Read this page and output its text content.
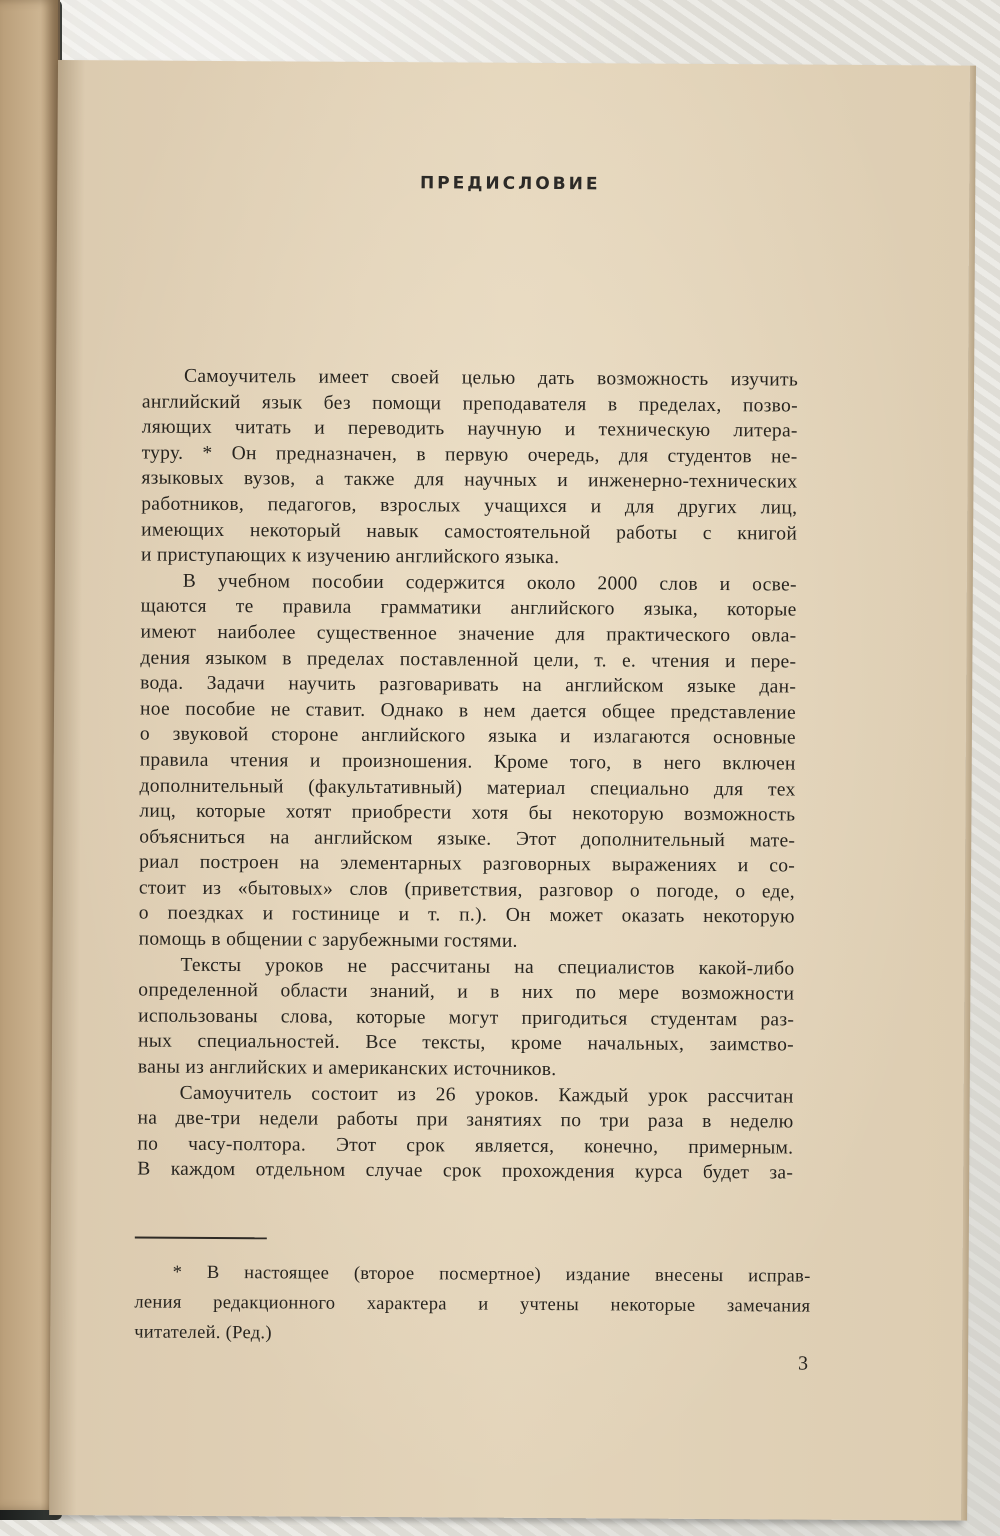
ПРЕДИСЛОВИЕ

Самоучитель имеет своей целью дать возможность изучить
английский язык без помощи преподавателя в пределах, позво-
ляющих читать и переводить научную и техническую литера-
туру. * Он предназначен, в первую очередь, для студентов не-
языковых вузов, а также для научных и инженерно-технических
работников, педагогов, взрослых учащихся и для других лиц,
имеющих некоторый навык самостоятельной работы с книгой
и приступающих к изучению английского языка.

В учебном пособии содержится около 2000 слов и осве-
щаются те правила грамматики английского языка, которые
имеют наиболее существенное значение для практического овла-
дения языком в пределах поставленной цели, т. е. чтения и пере-
вода. Задачи научить разговаривать на английском языке дан-
ное пособие не ставит. Однако в нем дается общее представление
о звуковой стороне английского языка и излагаются основные
правила чтения и произношения. Кроме того, в него включен
дополнительный (факультативный) материал специально для тех
лиц, которые хотят приобрести хотя бы некоторую возможность
объясниться на английском языке. Этот дополнительный мате-
риал построен на элементарных разговорных выражениях и со-
стоит из «бытовых» слов (приветствия, разговор о погоде, о еде,
о поездках и гостинице и т. п.). Он может оказать некоторую
помощь в общении с зарубежными гостями.

Тексты уроков не рассчитаны на специалистов какой-либо
определенной области знаний, и в них по мере возможности
использованы слова, которые могут пригодиться студентам раз-
ных специальностей. Все тексты, кроме начальных, заимство-
ваны из английских и американских источников.

Самоучитель состоит из 26 уроков. Каждый урок рассчитан
на две-три недели работы при занятиях по три раза в неделю
по часу-полтора. Этот срок является, конечно, примерным.
В каждом отдельном случае срок прохождения курса будет за-

* В настоящее (второе посмертное) издание внесены исправ-
ления редакционного характера и учтены некоторые замечания
читателей. (Ред.)
3
